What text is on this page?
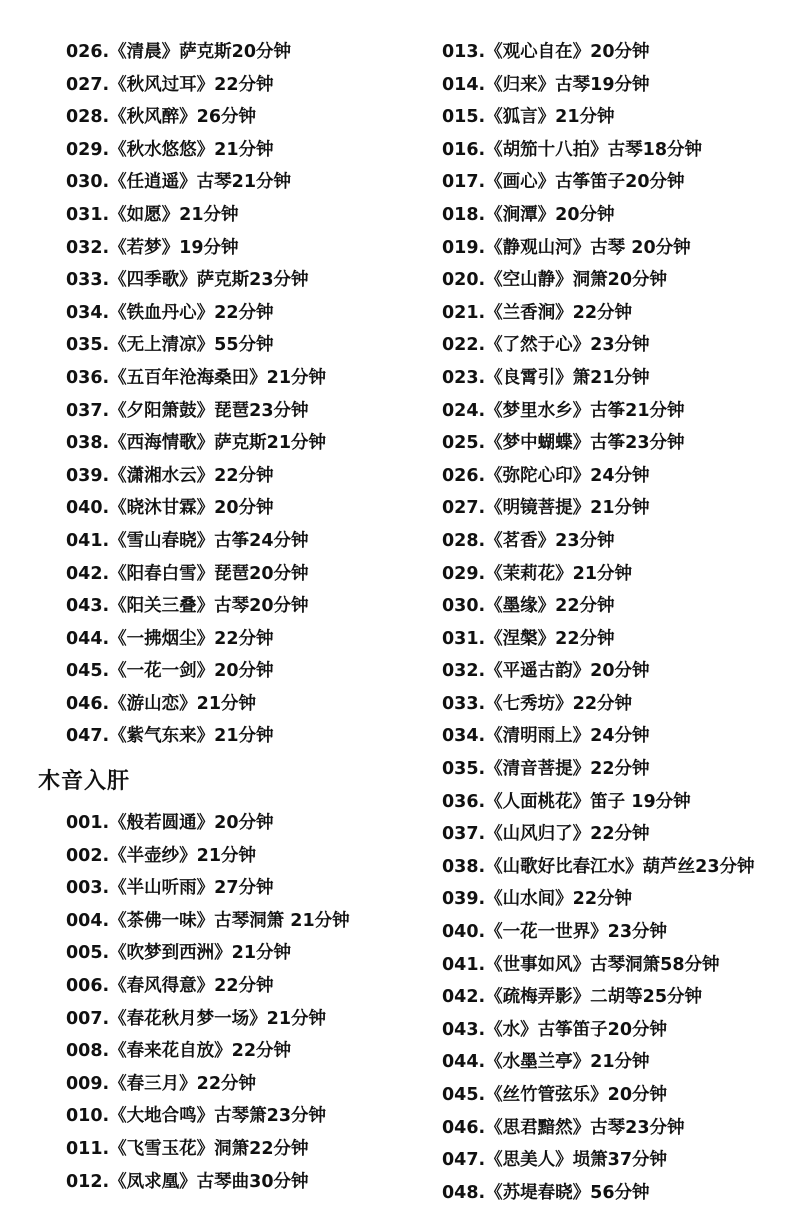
026.《清晨》萨克斯20分钟
027.《秋风过耳》22分钟
028.《秋风醉》26分钟
029.《秋水悠悠》21分钟
030.《任逍遥》古琴21分钟
031.《如愿》21分钟
032.《若梦》19分钟
033.《四季歌》萨克斯23分钟
034.《铁血丹心》22分钟
035.《无上清凉》55分钟
036.《五百年沧海桑田》21分钟
037.《夕阳箫鼓》琵琶23分钟
038.《西海情歌》萨克斯21分钟
039.《潇湘水云》22分钟
040.《晓沐甘霖》20分钟
041.《雪山春晓》古筝24分钟
042.《阳春白雪》琵琶20分钟
043.《阳关三叠》古琴20分钟
044.《一拂烟尘》22分钟
045.《一花一剑》20分钟
046.《游山恋》21分钟
047.《紫气东来》21分钟
木音入肝
001.《般若圆通》20分钟
002.《半壶纱》21分钟
003.《半山听雨》27分钟
004.《茶佛一味》古琴洞箫 21分钟
005.《吹梦到西洲》21分钟
006.《春风得意》22分钟
007.《春花秋月梦一场》21分钟
008.《春来花自放》22分钟
009.《春三月》22分钟
010.《大地合鸣》古琴箫23分钟
011.《飞雪玉花》洞箫22分钟
012.《凤求凰》古琴曲30分钟
013.《观心自在》20分钟
014.《归来》古琴19分钟
015.《狐言》21分钟
016.《胡笳十八拍》古琴18分钟
017.《画心》古筝笛子20分钟
018.《涧潭》20分钟
019.《静观山河》古琴 20分钟
020.《空山静》洞箫20分钟
021.《兰香涧》22分钟
022.《了然于心》23分钟
023.《良霄引》箫21分钟
024.《梦里水乡》古筝21分钟
025.《梦中蝴蝶》古筝23分钟
026.《弥陀心印》24分钟
027.《明镜菩提》21分钟
028.《茗香》23分钟
029.《茉莉花》21分钟
030.《墨缘》22分钟
031.《涅槃》22分钟
032.《平遥古韵》20分钟
033.《七秀坊》22分钟
034.《清明雨上》24分钟
035.《清音菩提》22分钟
036.《人面桃花》笛子 19分钟
037.《山风归了》22分钟
038.《山歌好比春江水》葫芦丝23分钟
039.《山水间》22分钟
040.《一花一世界》23分钟
041.《世事如风》古琴洞箫58分钟
042.《疏梅弄影》二胡等25分钟
043.《水》古筝笛子20分钟
044.《水墨兰亭》21分钟
045.《丝竹管弦乐》20分钟
046.《思君黯然》古琴23分钟
047.《思美人》埙箫37分钟
048.《苏堤春晓》56分钟
